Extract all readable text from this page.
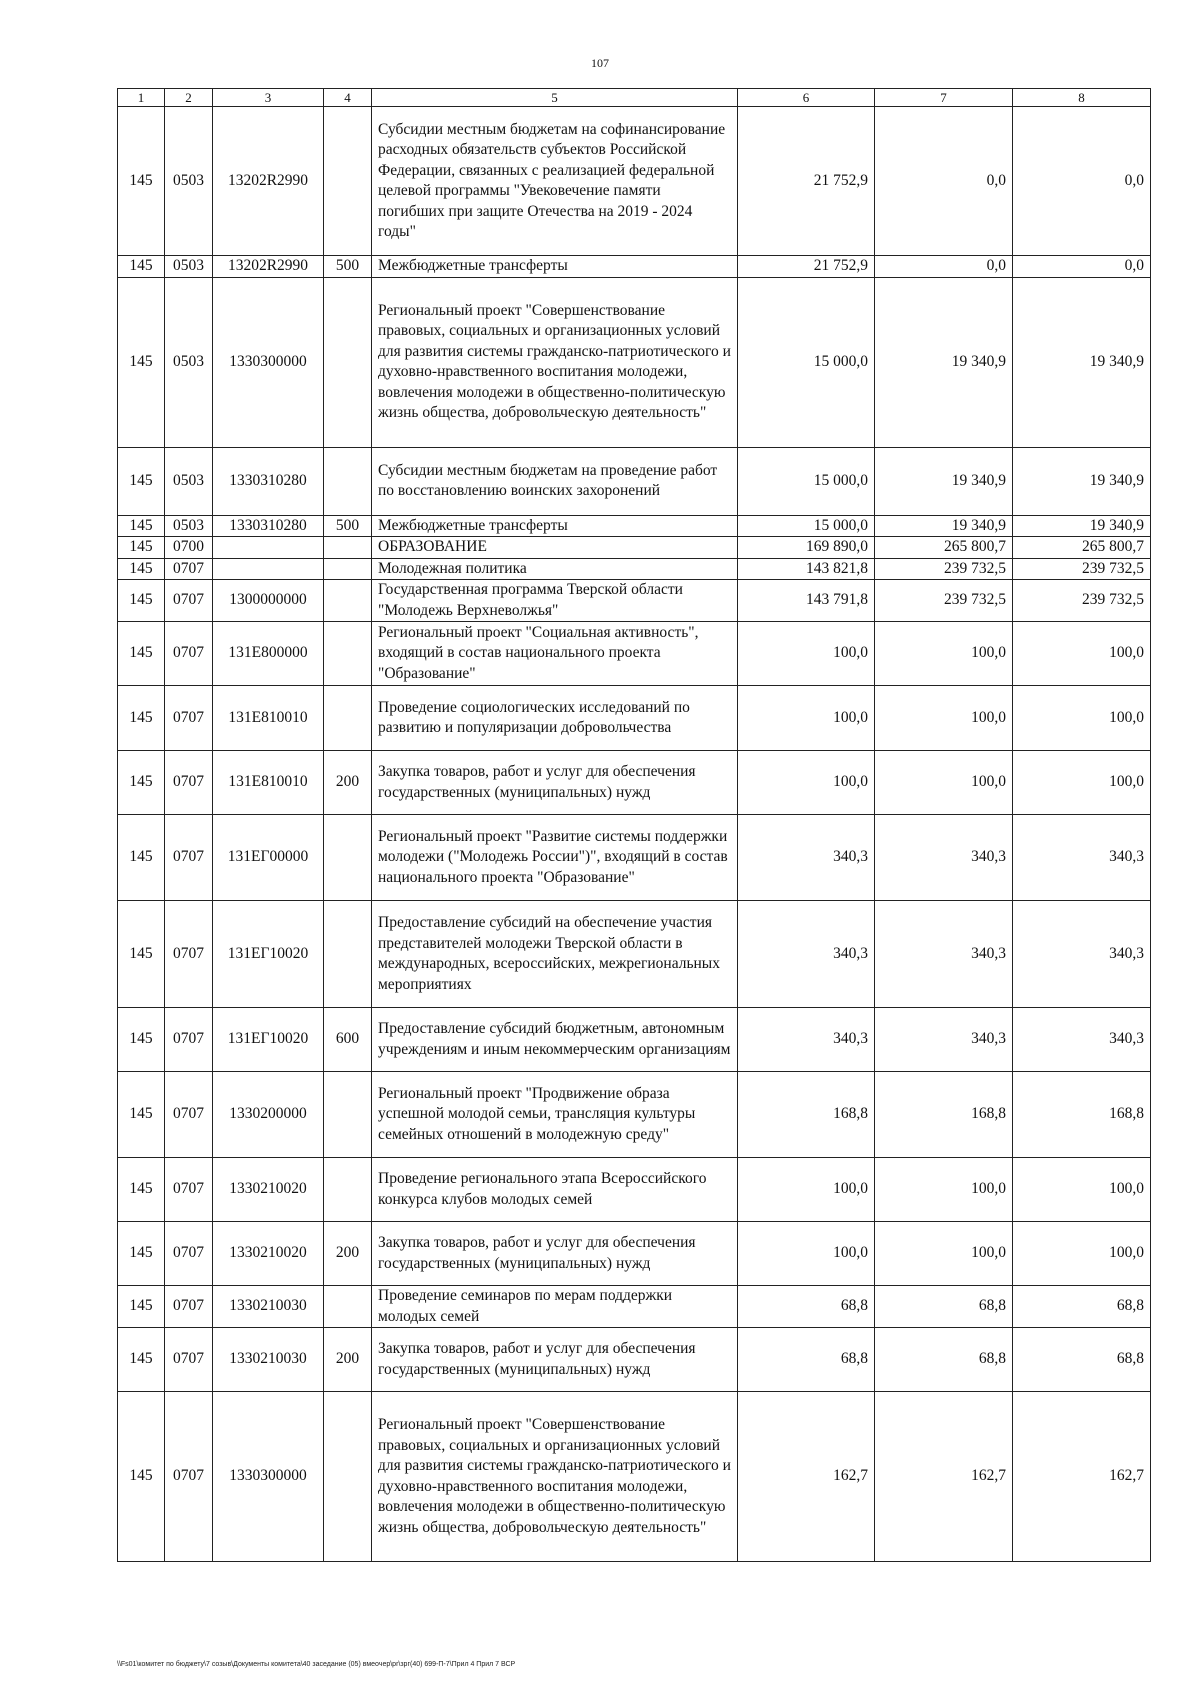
107
1	2	3	4	5	6	7	8
145	0503	13202R2990		Субсидии местным бюджетам на софинансирование расходных обязательств субъектов Российской Федерации, связанных с реализацией федеральной целевой программы "Увековечение памяти погибших при защите Отечества на 2019 - 2024 годы"	21 752,9	0,0	0,0
145	0503	13202R2990	500	Межбюджетные трансферты	21 752,9	0,0	0,0
145	0503	1330300000		Региональный проект "Совершенствование правовых, социальных и организационных условий для развития системы гражданско-патриотического и духовно-нравственного воспитания молодежи, вовлечения молодежи в общественно-политическую жизнь общества, добровольческую деятельность"	15 000,0	19 340,9	19 340,9
145	0503	1330310280		Субсидии местным бюджетам на проведение работ по восстановлению воинских захоронений	15 000,0	19 340,9	19 340,9
145	0503	1330310280	500	Межбюджетные трансферты	15 000,0	19 340,9	19 340,9
145	0700			ОБРАЗОВАНИЕ	169 890,0	265 800,7	265 800,7
145	0707			Молодежная политика	143 821,8	239 732,5	239 732,5
145	0707	1300000000		Государственная программа Тверской области "Молодежь Верхневолжья"	143 791,8	239 732,5	239 732,5
145	0707	131E800000		Региональный проект "Социальная активность", входящий в состав национального проекта "Образование"	100,0	100,0	100,0
145	0707	131E810010		Проведение социологических исследований по развитию и популяризации добровольчества	100,0	100,0	100,0
145	0707	131E810010	200	Закупка товаров, работ и услуг для обеспечения государственных (муниципальных) нужд	100,0	100,0	100,0
145	0707	131ЕГ00000		Региональный проект "Развитие системы поддержки молодежи ("Молодежь России")", входящий в состав национального проекта "Образование"	340,3	340,3	340,3
145	0707	131ЕГ10020		Предоставление субсидий на обеспечение участия представителей молодежи Тверской области в международных, всероссийских, межрегиональных мероприятиях	340,3	340,3	340,3
145	0707	131ЕГ10020	600	Предоставление субсидий бюджетным, автономным учреждениям и иным некоммерческим организациям	340,3	340,3	340,3
145	0707	1330200000		Региональный проект "Продвижение образа успешной молодой семьи, трансляция культуры семейных отношений в молодежную среду"	168,8	168,8	168,8
145	0707	1330210020		Проведение регионального этапа Всероссийского конкурса клубов молодых семей	100,0	100,0	100,0
145	0707	1330210020	200	Закупка товаров, работ и услуг для обеспечения государственных (муниципальных) нужд	100,0	100,0	100,0
145	0707	1330210030		Проведение семинаров по мерам поддержки молодых семей	68,8	68,8	68,8
145	0707	1330210030	200	Закупка товаров, работ и услуг для обеспечения государственных (муниципальных) нужд	68,8	68,8	68,8
145	0707	1330300000		Региональный проект "Совершенствование правовых, социальных и организационных условий для развития системы гражданско-патриотического и духовно-нравственного воспитания молодежи, вовлечения молодежи в общественно-политическую жизнь общества, добровольческую деятельность"	162,7	162,7	162,7
\\Fs01\комитет по бюджету\7 созыв\Документы комитета\40 заседание (05) вмеочер\pr\зрг(40) 699-П-7\Прил 4 Прил 7 ВСР
